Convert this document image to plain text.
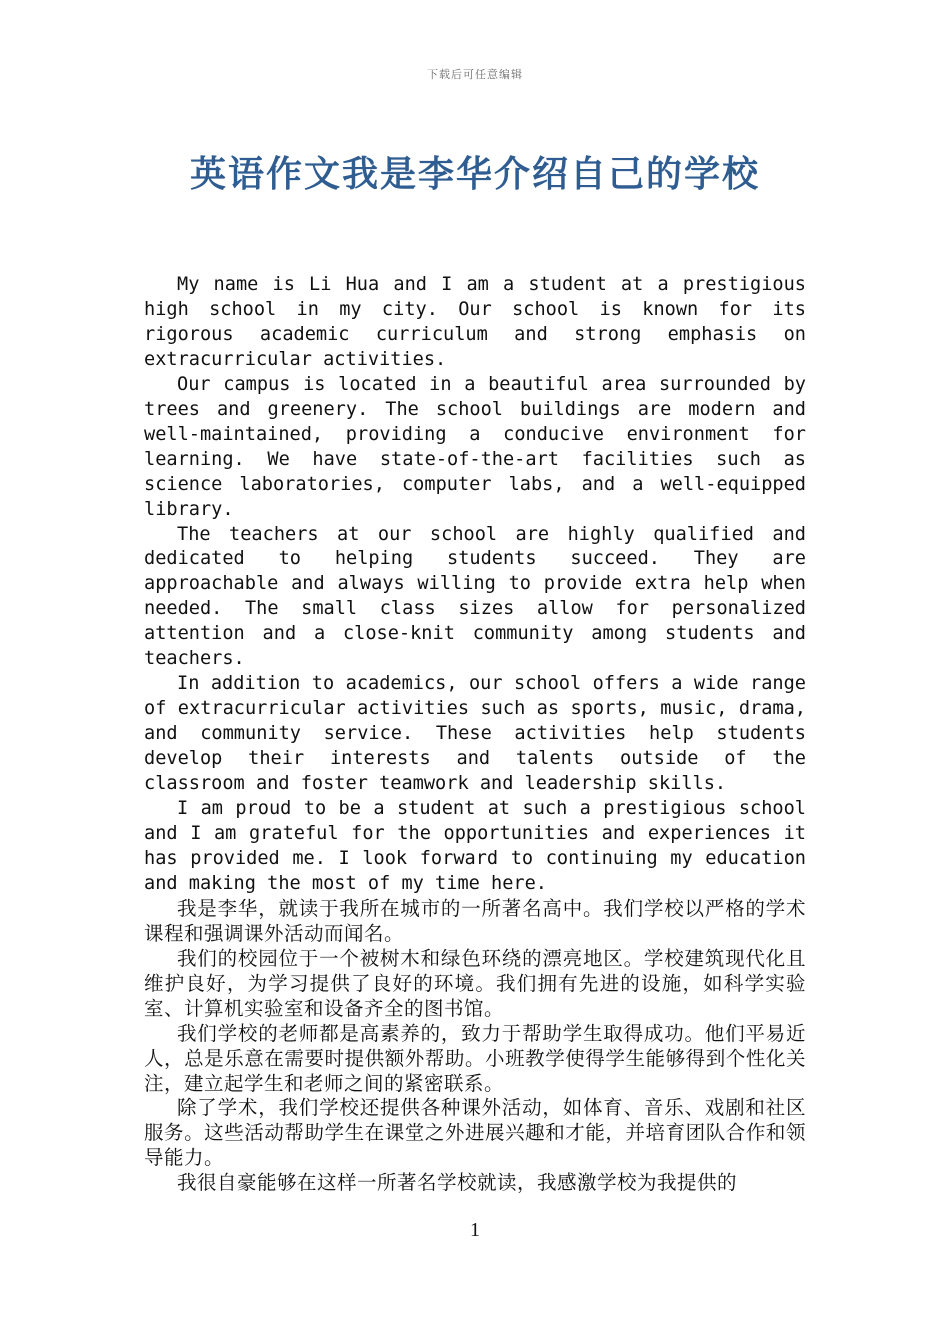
下载后可任意编辑
英语作文我是李华介绍自己的学校

My name is Li Hua and I am a student at a prestigious high school in my city. Our school is known for its rigorous academic curriculum and strong emphasis on extracurricular activities.

Our campus is located in a beautiful area surrounded by trees and greenery. The school buildings are modern and well-maintained, providing a conducive environment for learning. We have state-of-the-art facilities such as science laboratories, computer labs, and a well-equipped library.

The teachers at our school are highly qualified and dedicated to helping students succeed. They are approachable and always willing to provide extra help when needed. The small class sizes allow for personalized attention and a close-knit community among students and teachers.

In addition to academics, our school offers a wide range of extracurricular activities such as sports, music, drama, and community service. These activities help students develop their interests and talents outside of the classroom and foster teamwork and leadership skills.

I am proud to be a student at such a prestigious school and I am grateful for the opportunities and experiences it has provided me. I look forward to continuing my education and making the most of my time here.

我是李华，就读于我所在城市的一所著名高中。我们学校以严格的学术课程和强调课外活动而闻名。

我们的校园位于一个被树木和绿色环绕的漂亮地区。学校建筑现代化且维护良好，为学习提供了良好的环境。我们拥有先进的设施，如科学实验室、计算机实验室和设备齐全的图书馆。

我们学校的老师都是高素养的，致力于帮助学生取得成功。他们平易近人，总是乐意在需要时提供额外帮助。小班教学使得学生能够得到个性化关注，建立起学生和老师之间的紧密联系。

除了学术，我们学校还提供各种课外活动，如体育、音乐、戏剧和社区服务。这些活动帮助学生在课堂之外进展兴趣和才能，并培育团队合作和领导能力。

我很自豪能够在这样一所著名学校就读，我感激学校为我提供的

1
